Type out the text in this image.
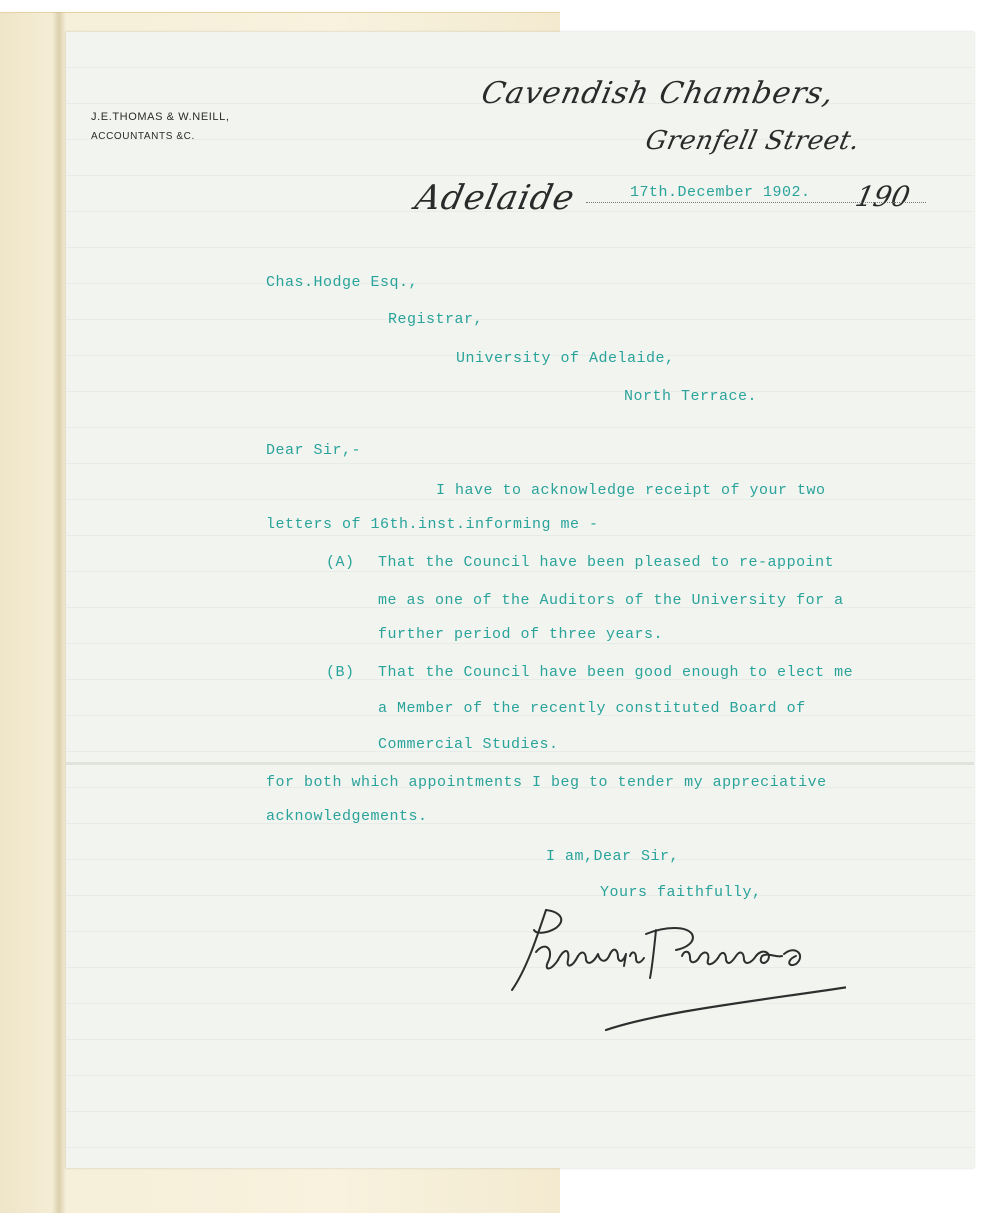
J.E.THOMAS & W.NEILL,
ACCOUNTANTS &C.
Cavendish Chambers,
Grenfell Street.
Adelaide	190
17th.December 1902.
Chas.Hodge Esq.,
Registrar,
University of Adelaide,
North Terrace.
Dear Sir,-
I have to acknowledge receipt of your two
letters of 16th.inst.informing me -
(A) That the Council have been pleased to re-appoint
me as one of the Auditors of the University for a
further period of three years.
(B) That the Council have been good enough to elect me
a Member of the recently constituted Board of
Commercial Studies.
for both which appointments I beg to tender my appreciative
acknowledgements.
I am,Dear Sir,
Yours faithfully,
